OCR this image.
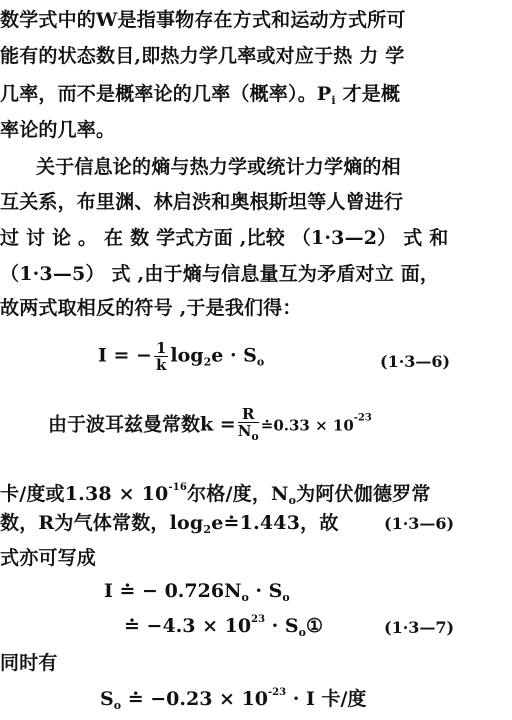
数学式中的W是指事物存在方式和运动方式所可
能有的状态数目,即热力学几率或对应于热 力 学
几率，而不是概率论的几率（概率）。$P_i$ 才是概
率论的几率。
关于信息论的熵与热力学或统计力学熵的相
互关系，布里渊、林启渋和奥根斯坦等人曾进行
过 讨 论 。 在 数 学式方面 ,比较 （1·3—2） 式 和
（1·3—5） 式 ,由于熵与信息量互为矛盾对立 面，
故两式取相反的符号 ,于是我们得：
I = − $\frac{1}{k} \log_2e \cdot S_o$	(1·3—6)
由于波耳兹曼常数$k = \frac{R}{N_o}$ ≐0.33 × $10^{-23}$
卡/度或$1.38 \times 10^{-16}$尔格/度，$N_o$为阿伏伽德罗常
数，R为气体常数，$\log_2e≐1.443$，故	(1·3—6)
式亦可写成
I ≐ − $0.726N_o \cdot S_o$
≐ $-4.3 \times 10^{23}$ · $S_o①$	(1·3—7)
同时有
$S_o$ ≐ $-0.23 \times 10^{-23} \cdot I$ 卡/度
